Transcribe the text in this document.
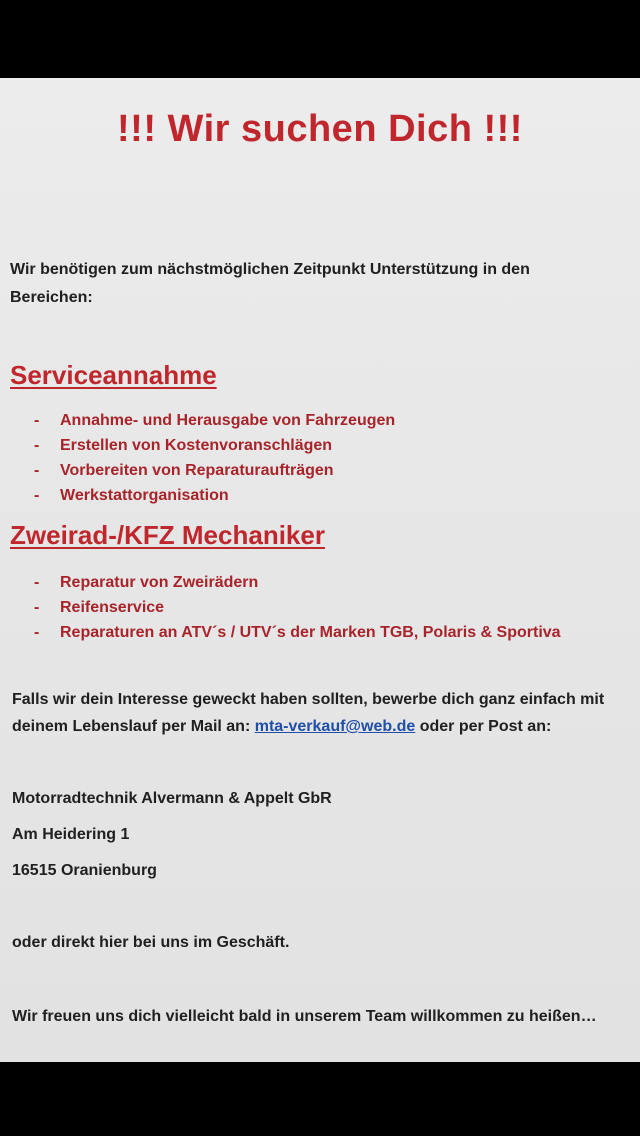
!!! Wir suchen Dich !!!
Wir benötigen zum nächstmöglichen Zeitpunkt Unterstützung in den
Bereichen:
Serviceannahme
- Annahme- und Herausgabe von Fahrzeugen
- Erstellen von Kostenvoranschlägen
- Vorbereiten von Reparaturaufträgen
- Werkstattorganisation
Zweirad-/KFZ Mechaniker
- Reparatur von Zweirädern
- Reifenservice
- Reparaturen an ATV´s / UTV´s der Marken TGB, Polaris & Sportiva
Falls wir dein Interesse geweckt haben sollten, bewerbe dich ganz einfach mit
deinem Lebenslauf per Mail an: mta-verkauf@web.de oder per Post an:
Motorradtechnik Alvermann & Appelt GbR
Am Heidering 1
16515 Oranienburg
oder direkt hier bei uns im Geschäft.
Wir freuen uns dich vielleicht bald in unserem Team willkommen zu heißen…
